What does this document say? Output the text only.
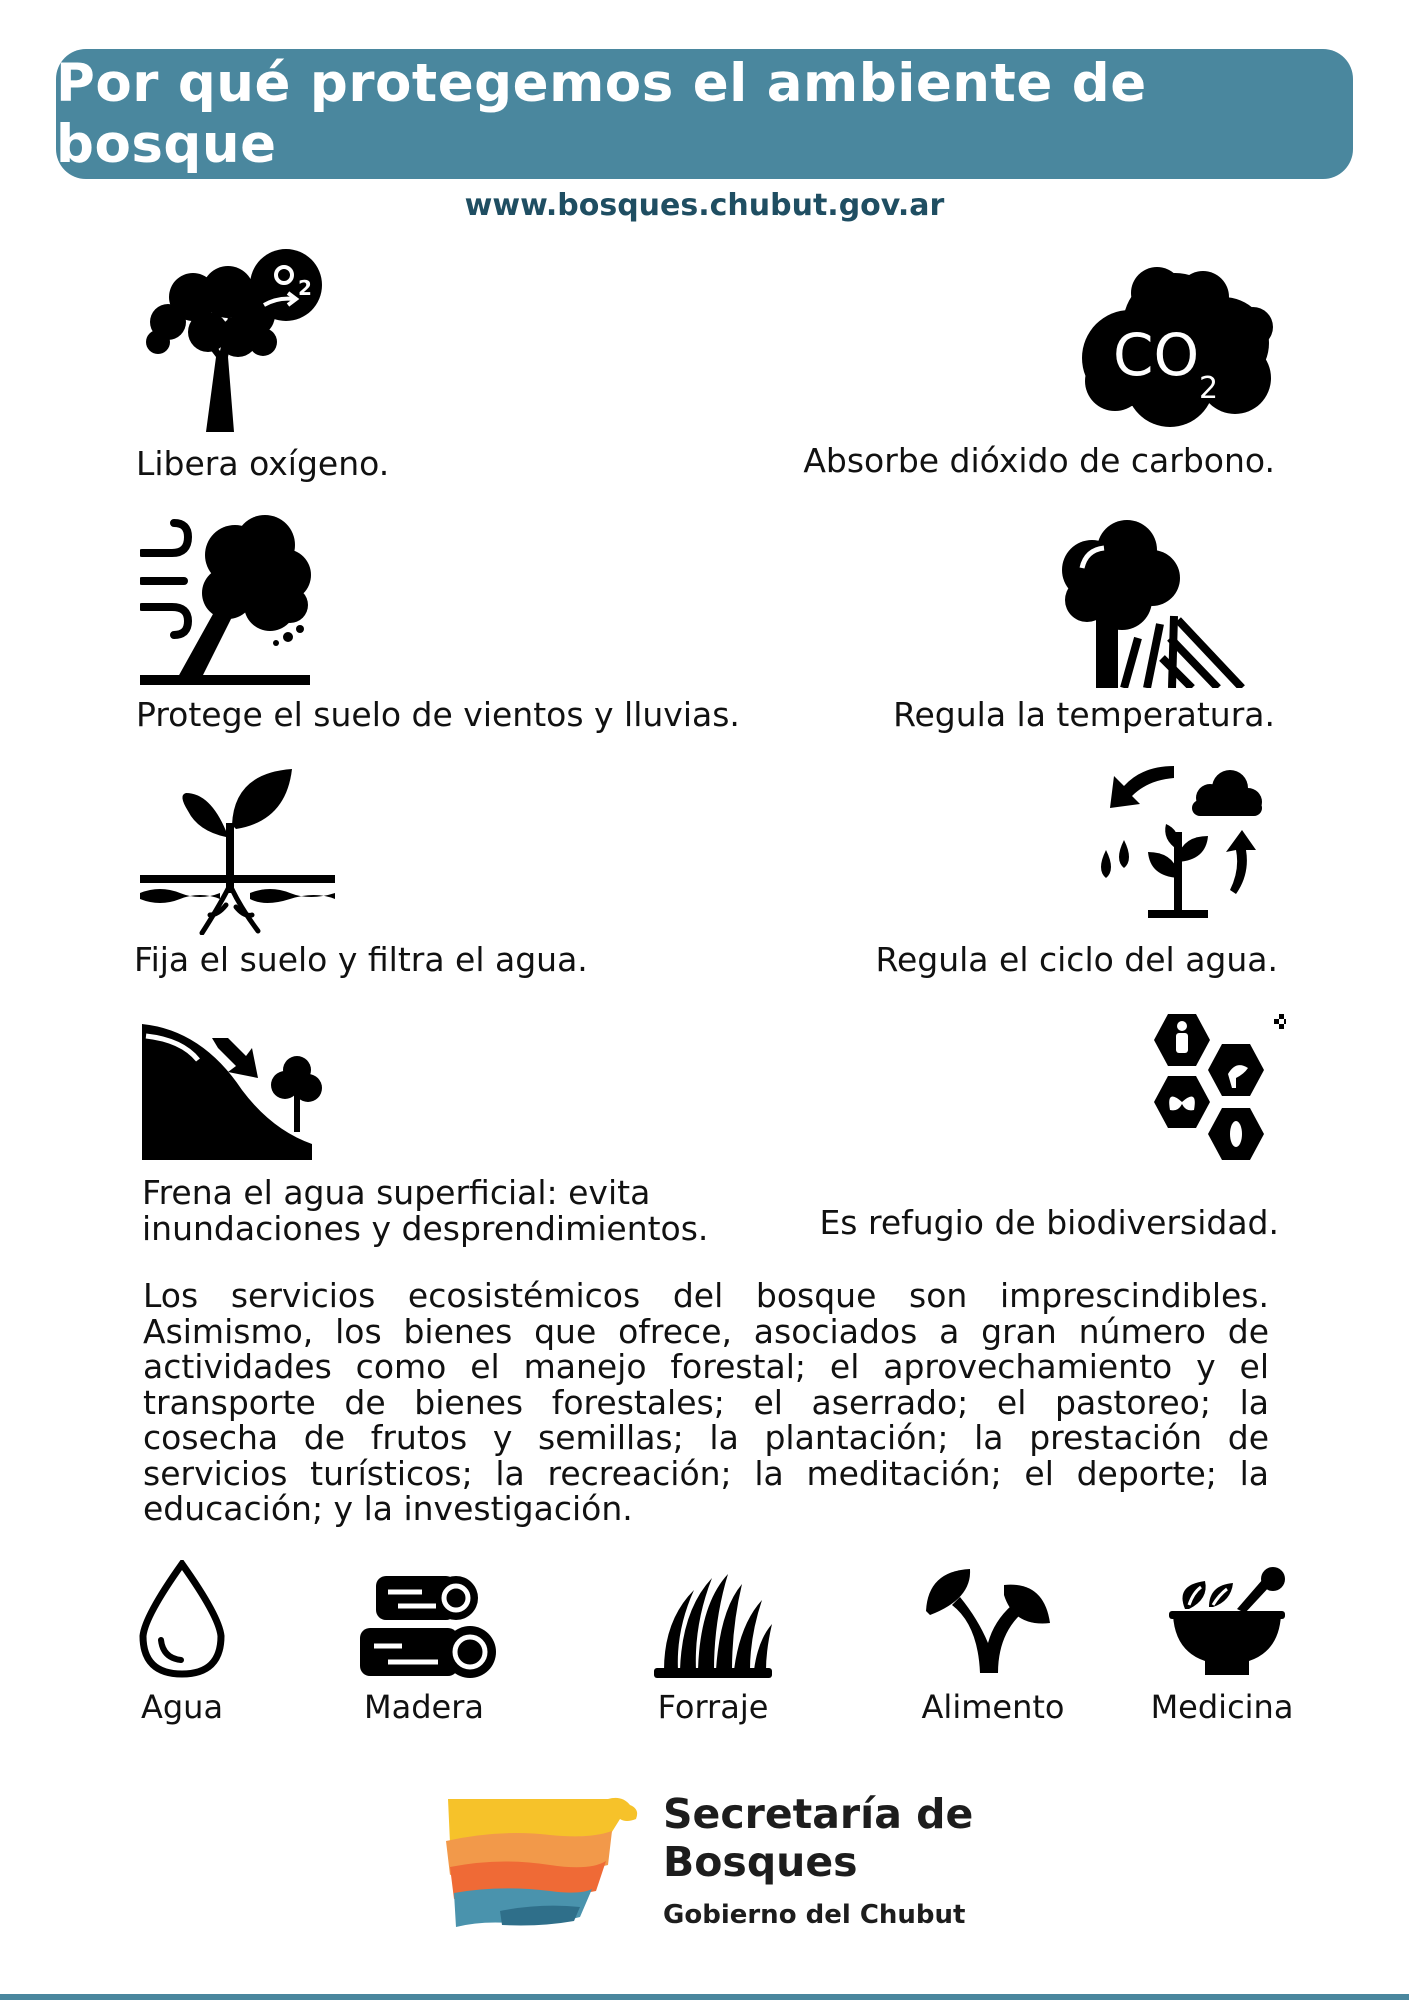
Por qué protegemos el ambiente de bosque
www.bosques.chubut.gov.ar
2
Libera oxígeno.
CO 2
Absorbe dióxido de carbono.
Protege el suelo de vientos y lluvias.	Regula la temperatura.
Fija el suelo y filtra el agua.	Regula el ciclo del agua.
Frena el agua superficial: evita
inundaciones y desprendimientos.	Es refugio de biodiversidad.
Los servicios ecosistémicos del bosque son imprescindibles. Asimismo, los bienes que ofrece, asociados a gran número de actividades como el manejo forestal; el aprovechamiento y el transporte de bienes forestales; el aserrado; el pastoreo; la cosecha de frutos y semillas; la plantación; la prestación de servicios turísticos; la recreación; la meditación; el deporte; la educación; y la investigación.
Agua	Madera	Forraje	Alimento	Medicina
Secretaría de
Bosques
Gobierno del Chubut
